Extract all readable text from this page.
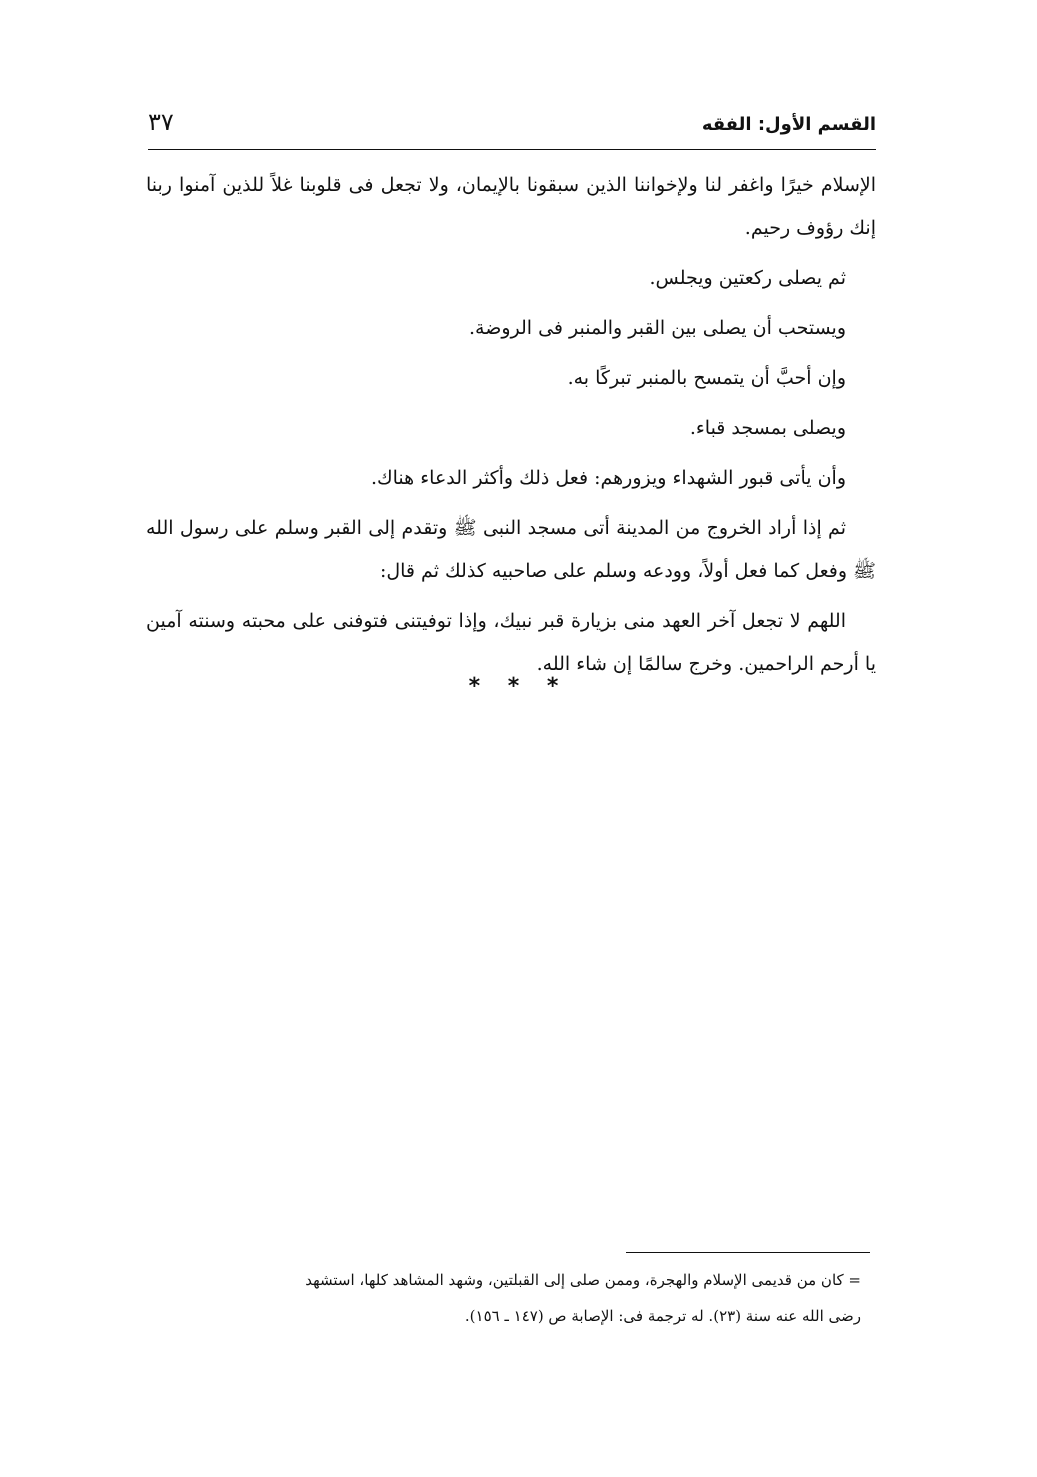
القسم الأول: الفقه
٣٧

الإسلام خيرًا واغفر لنا ولإخواننا الذين سبقونا بالإيمان، ولا تجعل فى قلوبنا غلاً للذين آمنوا ربنا إنك رؤوف رحيم.

ثم يصلى ركعتين ويجلس.

ويستحب أن يصلى بين القبر والمنبر فى الروضة.

وإن أحبَّ أن يتمسح بالمنبر تبركًا به.

ويصلى بمسجد قباء.

وأن يأتى قبور الشهداء ويزورهم: فعل ذلك وأكثر الدعاء هناك.

ثم إذا أراد الخروج من المدينة أتى مسجد النبى ﷺ وتقدم إلى القبر وسلم على رسول الله ﷺ وفعل كما فعل أولاً، وودعه وسلم على صاحبيه كذلك ثم قال:

اللهم لا تجعل آخر العهد منى بزيارة قبر نبيك، وإذا توفيتنى فتوفنى على محبته وسنته آمين يا أرحم الراحمين. وخرج سالمًا إن شاء الله.

* * *

= كان من قديمى الإسلام والهجرة، وممن صلى إلى القبلتين، وشهد المشاهد كلها، استشهد

رضى الله عنه سنة (٢٣). له ترجمة فى: الإصابة ص (١٤٧ ـ ١٥٦).
